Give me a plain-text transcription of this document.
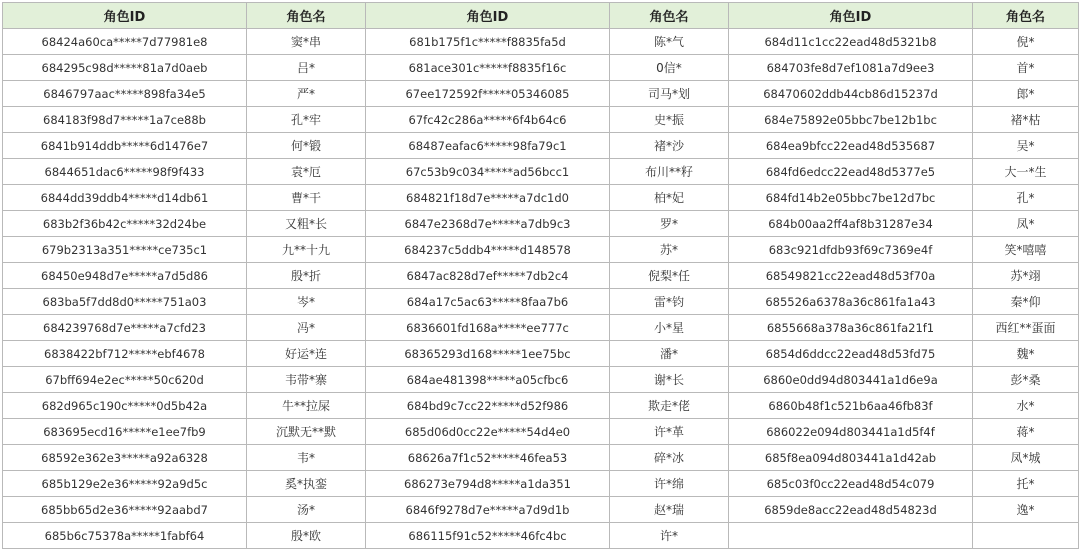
角色ID	角色名	角色ID	角色名	角色ID	角色名
68424a60ca*****7d77981e8	窦*串	681b175f1c*****f8835fa5d	陈*气	684d11c1cc22ead48d5321b8	倪*
684295c98d*****81a7d0aeb	吕*	681ace301c*****f8835f16c	0信*	684703fe8d7ef1081a7d9ee3	首*
6846797aac*****898fa34e5	严*	67ee172592f*****05346085	司马*划	68470602ddb44cb86d15237d	郎*
684183f98d7*****1a7ce88b	孔*牢	67fc42c286a*****6f4b64c6	史*振	684e75892e05bbc7be12b1bc	褚*枯
6841b914ddb*****6d1476e7	何*锻	68487eafac6*****98fa79c1	褚*沙	684ea9bfcc22ead48d535687	吴*
6844651dac6*****98f9f433	袁*厄	67c53b9c034*****ad56bcc1	布川**籽	684fd6edcc22ead48d5377e5	大一*生
6844dd39ddb4*****d14db61	曹*干	684821f18d7e*****a7dc1d0	柏*妃	684fd14b2e05bbc7be12d7bc	孔*
683b2f36b42c*****32d24be	又粗*长	6847e2368d7e*****a7db9c3	罗*	684b00aa2ff4af8b31287e34	凤*
679b2313a351*****ce735c1	九**十九	684237c5ddb4*****d148578	苏*	683c921dfdb93f69c7369e4f	笑*嘻嘻
68450e948d7e*****a7d5d86	殷*折	6847ac828d7ef*****7db2c4	倪梨*任	68549821cc22ead48d53f70a	苏*翊
683ba5f7dd8d0*****751a03	岑*	684a17c5ac63*****8faa7b6	雷*钧	685526a6378a36c861fa1a43	秦*仰
684239768d7e*****a7cfd23	冯*	6836601fd168a*****ee777c	小*星	6855668a378a36c861fa21f1	西红**蛋面
6838422bf712*****ebf4678	好运*连	68365293d168*****1ee75bc	潘*	6854d6ddcc22ead48d53fd75	魏*
67bff694e2ec*****50c620d	韦带*寨	684ae481398*****a05cfbc6	谢*长	6860e0dd94d803441a1d6e9a	彭*桑
682d965c190c*****0d5b42a	牛**拉屎	684bd9c7cc22*****d52f986	欺走*佬	6860b48f1c521b6aa46fb83f	水*
683695ecd16*****e1ee7fb9	沉默无**默	685d06d0cc22e*****54d4e0	许*革	686022e094d803441a1d5f4f	蒋*
68592e362e3*****a92a6328	韦*	68626a7f1c52*****46fea53	碎*冰	685f8ea094d803441a1d42ab	凤*城
685b129e2e36*****92a9d5c	奚*执銮	686273e794d8*****a1da351	许*绵	685c03f0cc22ead48d54c079	托*
685bb65d2e36*****92aabd7	汤*	6846f9278d7e*****a7d9d1b	赵*瑞	6859de8acc22ead48d54823d	逸*
685b6c75378a*****1fabf64	殷*欧	686115f91c52*****46fc4bc	许*		
